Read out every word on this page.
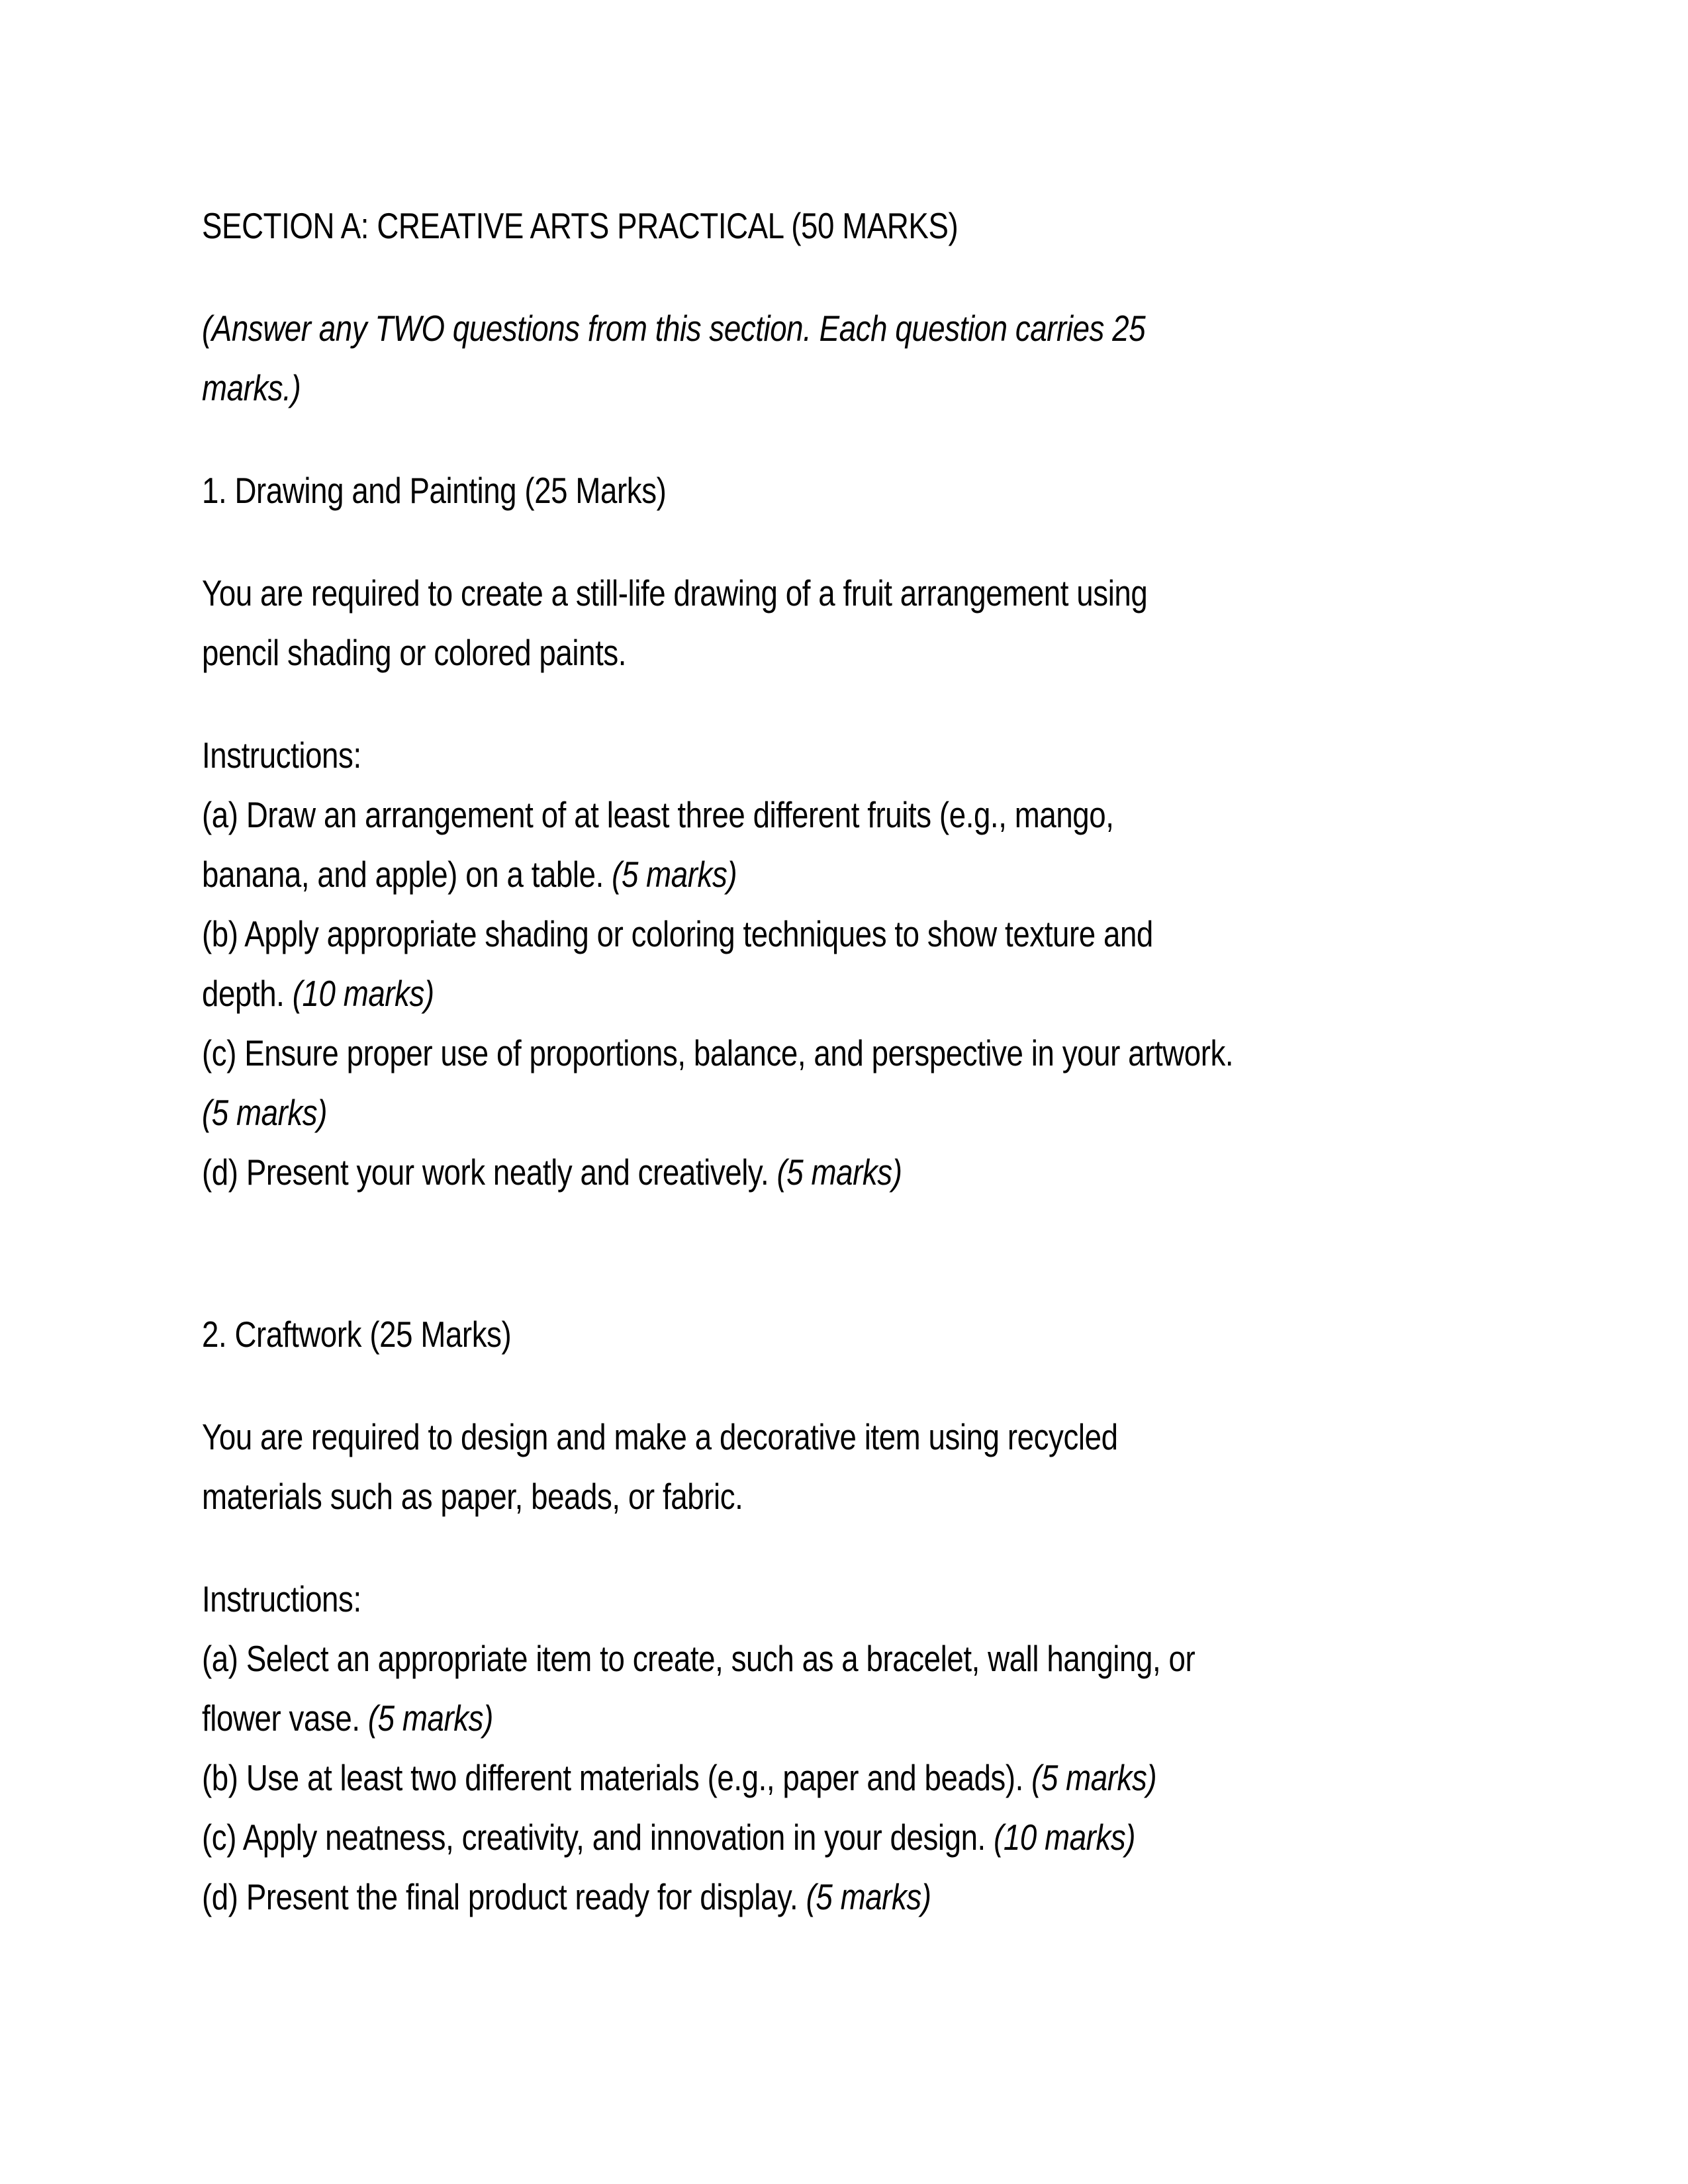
SECTION A: CREATIVE ARTS PRACTICAL (50 MARKS)
(Answer any TWO questions from this section. Each question carries 25
marks.)
1. Drawing and Painting (25 Marks)
You are required to create a still-life drawing of a fruit arrangement using
pencil shading or colored paints.
Instructions:
(a) Draw an arrangement of at least three different fruits (e.g., mango,
banana, and apple) on a table. (5 marks)
(b) Apply appropriate shading or coloring techniques to show texture and
depth. (10 marks)
(c) Ensure proper use of proportions, balance, and perspective in your artwork.
(5 marks)
(d) Present your work neatly and creatively. (5 marks)
2. Craftwork (25 Marks)
You are required to design and make a decorative item using recycled
materials such as paper, beads, or fabric.
Instructions:
(a) Select an appropriate item to create, such as a bracelet, wall hanging, or
flower vase. (5 marks)
(b) Use at least two different materials (e.g., paper and beads). (5 marks)
(c) Apply neatness, creativity, and innovation in your design. (10 marks)
(d) Present the final product ready for display. (5 marks)
